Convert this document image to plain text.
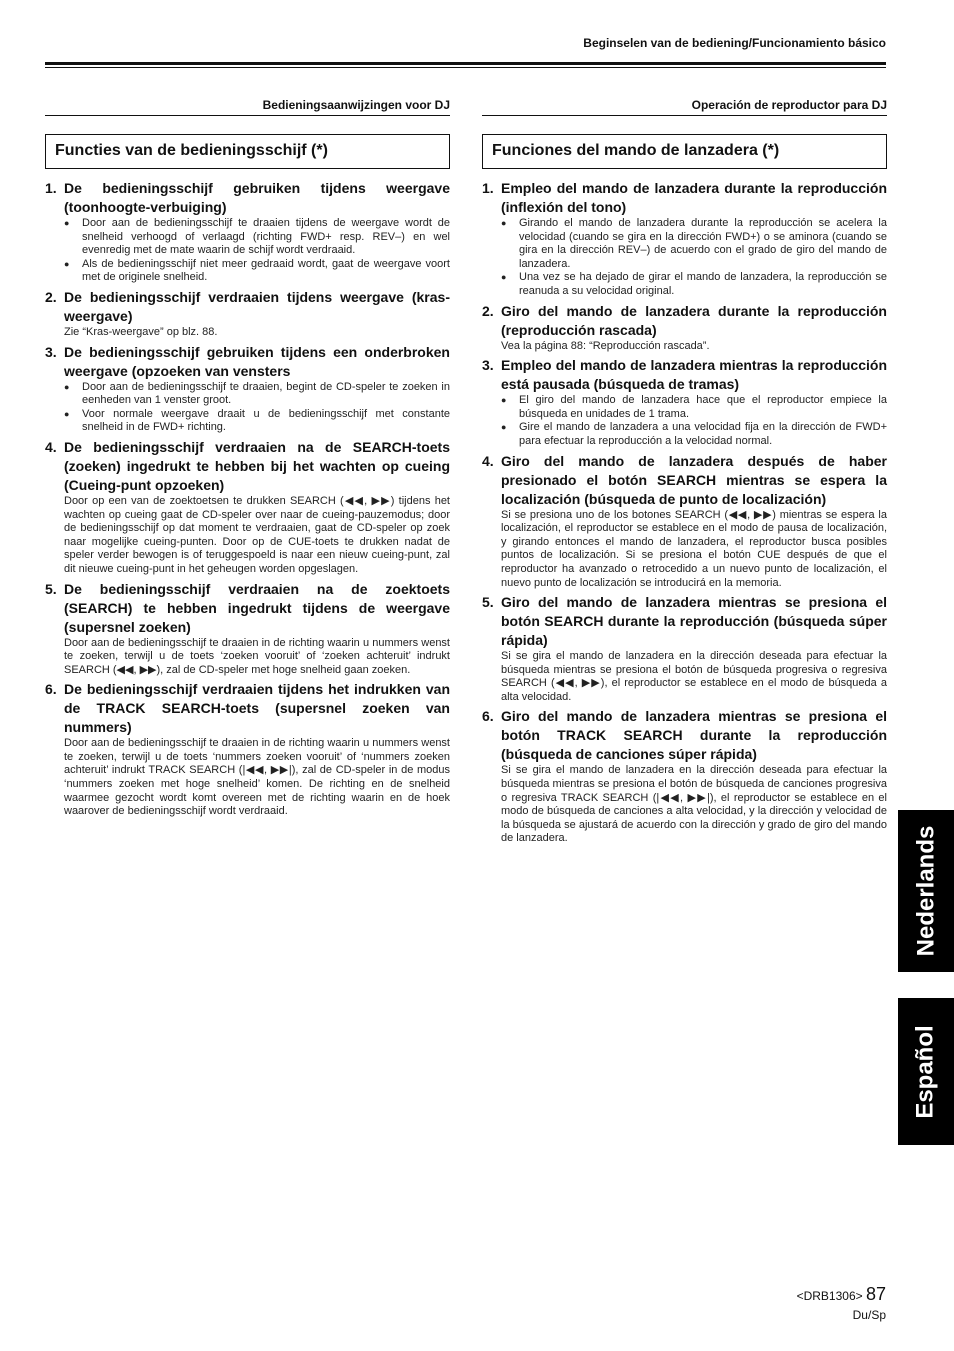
Beginselen van de bediening/Funcionamiento básico
Bedieningsaanwijzingen voor DJ
Functies van de bedieningsschijf (*)
1. De bedieningsschijf gebruiken tijdens weergave (toonhoogte-verbuiging)
●	Door aan de bedieningsschijf te draaien tijdens de weergave wordt de snelheid verhoogd of verlaagd (richting FWD+ resp. REV–) en wel evenredig met de mate waarin de schijf wordt verdraaid.
●	Als de bedieningsschijf niet meer gedraaid wordt, gaat de weergave voort met de originele snelheid.
2. De bedieningsschijf verdraaien tijdens weergave (kras-weergave)
Zie “Kras-weergave” op blz. 88.
3. De bedieningsschijf gebruiken tijdens een onderbroken weergave (opzoeken van vensters
●	Door aan de bedieningsschijf te draaien, begint de CD-speler te zoeken in eenheden van 1 venster groot.
●	Voor normale weergave draait u de bedieningsschijf met constante snelheid in de FWD+ richting.
4. De bedieningsschijf verdraaien na de SEARCH-toets (zoeken) ingedrukt te hebben bij het wachten op cueing (Cueing-punt opzoeken)
Door op een van de zoektoetsen te drukken SEARCH (◀◀, ▶▶) tijdens het wachten op cueing gaat de CD-speler over naar de cueing-pauzemodus; door de bedieningsschijf op dat moment te verdraaien, gaat de CD-speler op zoek naar mogelijke cueing-punten. Door op de CUE-toets te drukken nadat de speler verder bewogen is of teruggespoeld is naar een nieuw cueing-punt, zal dit nieuwe cueing-punt in het geheugen worden opgeslagen.
5. De bedieningsschijf verdraaien na de zoektoets (SEARCH) te hebben ingedrukt tijdens de weergave (supersnel zoeken)
Door aan de bedieningsschijf te draaien in de richting waarin u nummers wenst te zoeken, terwijl u de toets ‘zoeken vooruit’ of ‘zoeken achteruit’ indrukt SEARCH (◀◀, ▶▶), zal de CD-speler met hoge snelheid gaan zoeken.
6. De bedieningsschijf verdraaien tijdens het indrukken van de TRACK SEARCH-toets (supersnel zoeken van nummers)
Door aan de bedieningsschijf te draaien in de richting waarin u nummers wenst te zoeken, terwijl u de toets ‘nummers zoeken vooruit’ of ‘nummers zoeken achteruit’ indrukt TRACK SEARCH (|◀◀, ▶▶|), zal de CD-speler in de modus ‘nummers zoeken met hoge snelheid’ komen. De richting en de snelheid waarmee gezocht wordt komt overeen met de richting waarin en de hoek waarover de bedieningsschijf wordt verdraaid.
Operación de reproductor para DJ
Funciones del mando de lanzadera (*)
1. Empleo del mando de lanzadera durante la reproducción (inflexión del tono)
●	Girando el mando de lanzadera durante la reproducción se acelera la velocidad (cuando se gira en la dirección FWD+) o se aminora (cuando se gira en la dirección REV–) de acuerdo con el grado de giro del mando de lanzadera.
●	Una vez se ha dejado de girar el mando de lanzadera, la reproducción se reanuda a su velocidad original.
2. Giro del mando de lanzadera durante la reproducción (reproducción rascada)
Vea la página 88: “Reproducción rascada”.
3. Empleo del mando de lanzadera mientras la reproducción está pausada (búsqueda de tramas)
●	El giro del mando de lanzadera hace que el reproductor empiece la búsqueda en unidades de 1 trama.
●	Gire el mando de lanzadera a una velocidad fija en la dirección de FWD+ para efectuar la reproducción a la velocidad normal.
4. Giro del mando de lanzadera después de haber presionado el botón SEARCH mientras se espera la localización (búsqueda de punto de localización)
Si se presiona uno de los botones SEARCH (◀◀, ▶▶) mientras se espera la localización, el reproductor se establece en el modo de pausa de localización, y girando entonces el mando de lanzadera, el reproductor busca posibles puntos de localización. Si se presiona el botón CUE después de que el reproductor ha avanzado o retrocedido a un nuevo punto de localización, el nuevo punto de localización se introducirá en la memoria.
5. Giro del mando de lanzadera mientras se presiona el botón SEARCH durante la reproducción (búsqueda súper rápida)
Si se gira el mando de lanzadera en la dirección deseada para efectuar la búsqueda mientras se presiona el botón de búsqueda progresiva o regresiva SEARCH (◀◀, ▶▶), el reproductor se establece en el modo de búsqueda a alta velocidad.
6. Giro del mando de lanzadera mientras se presiona el botón TRACK SEARCH durante la reproducción (búsqueda de canciones súper rápida)
Si se gira el mando de lanzadera en la dirección deseada para efectuar la búsqueda mientras se presiona el botón de búsqueda de canciones progresiva o regresiva TRACK SEARCH (|◀◀, ▶▶|), el reproductor se establece en el modo de búsqueda de canciones a alta velocidad, y la dirección y velocidad de la búsqueda se ajustará de acuerdo con la dirección y grado de giro del mando de lanzadera.	Nederlands
Español
<DRB1306> 87
Du/Sp
